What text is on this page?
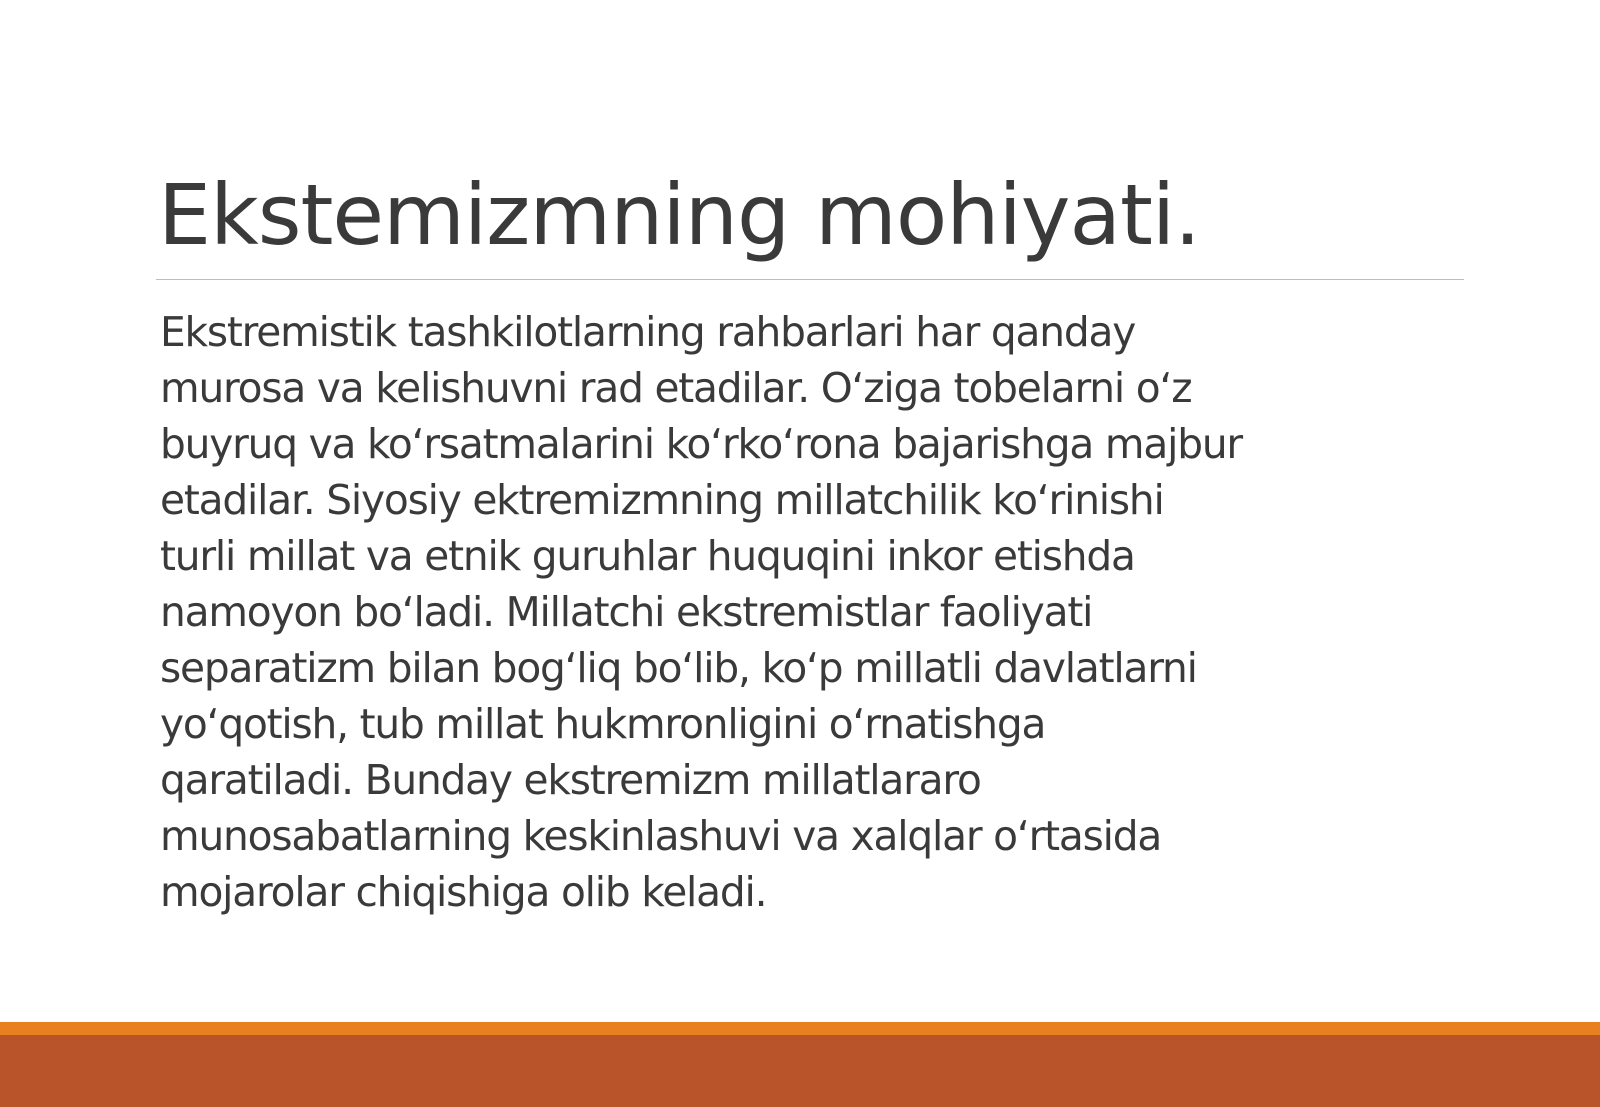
Ekstemizmning mohiyati.

Ekstremistik tashkilotlarning rahbarlari har qanday
murosa va kelishuvni rad etadilar. O‘ziga tobelarni o‘z
buyruq va ko‘rsatmalarini ko‘rko‘rona bajarishga majbur
etadilar. Siyosiy ektremizmning millatchilik ko‘rinishi
turli millat va etnik guruhlar huquqini inkor etishda
namoyon bo‘ladi. Millatchi ekstremistlar faoliyati
separatizm bilan bog‘liq bo‘lib, ko‘p millatli davlatlarni
yo‘qotish, tub millat hukmronligini o‘rnatishga
qaratiladi. Bunday ekstremizm millatlararo
munosabatlarning keskinlashuvi va xalqlar o‘rtasida
mojarolar chiqishiga olib keladi.
